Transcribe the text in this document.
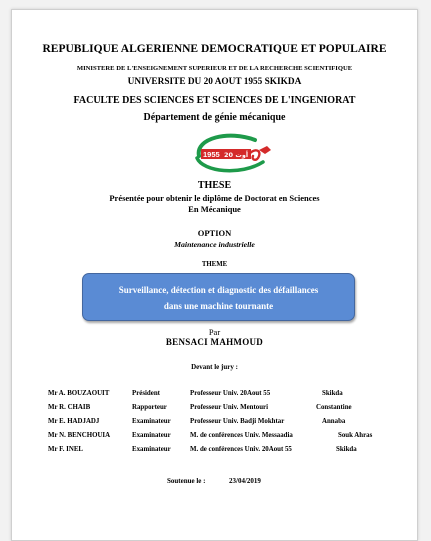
REPUBLIQUE ALGERIENNE DEMOCRATIQUE ET POPULAIRE
MINISTERE DE L'ENSEIGNEMENT SUPERIEUR ET DE LA RECHERCHE SCIENTIFIQUE
UNIVERSITE DU 20 AOUT 1955 SKIKDA
FACULTE DES SCIENCES ET SCIENCES DE L'INGENIORAT
Département de génie mécanique
1955 20 أوت
THESE
Présentée pour obtenir le diplôme de Doctorat en Sciences
En Mécanique
OPTION
Maintenance industrielle
THEME
Surveillance, détection et diagnostic des défaillances
dans une machine tournante
Par
BENSACI MAHMOUD
Devant le jury :
Mr A. BOUZAOUIT	Président	Professeur Univ. 20Aout 55	Skikda
Mr R. CHAIB	Rapporteur	Professeur Univ. Mentouri	Constantine
Mr E. HADJADJ	Examinateur	Professeur Univ. Badji Mokhtar	Annaba
Mr N. BENCHOUIA	Examinateur	M. de conférences Univ. Messaadia	Souk Ahras
Mr F. INEL	Examinateur	M. de conférences Univ. 20Aout 55	Skikda
Soutenue le :	23/04/2019
